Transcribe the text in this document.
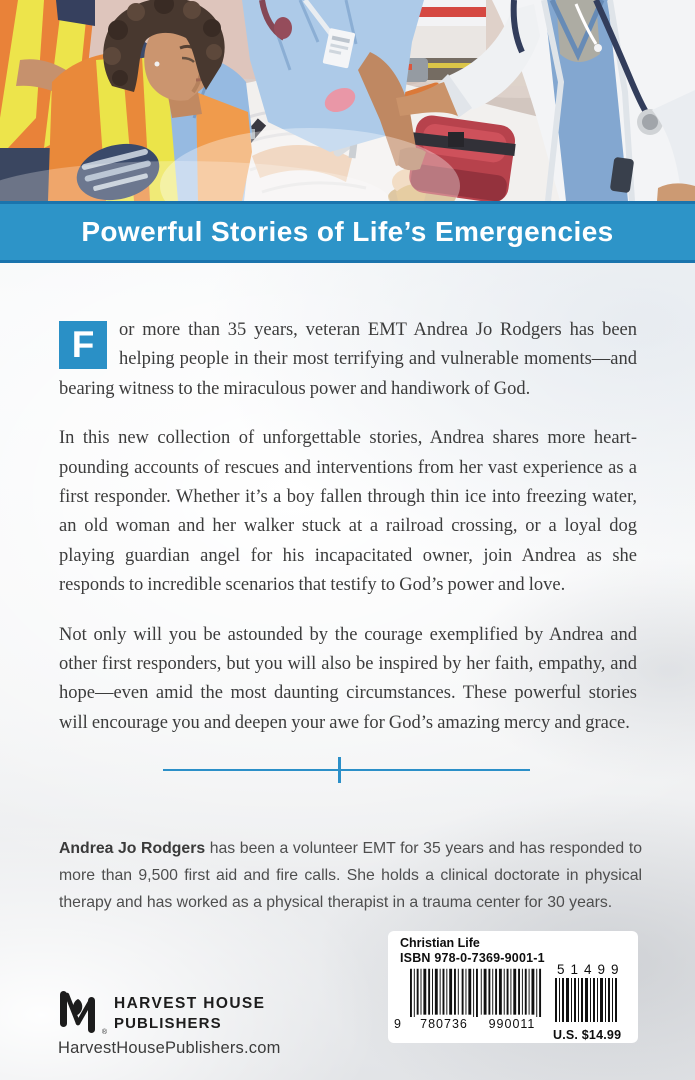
Powerful Stories of Life’s Emergencies

F	or more than 35 years, veteran EMT Andrea Jo Rodgers has been helping people in their most terrifying and vulnerable moments—and bearing witness to the miraculous power and handiwork of God.

In this new collection of unforgettable stories, Andrea shares more heart-pounding accounts of rescues and interventions from her vast experience as a first responder. Whether it’s a boy fallen through thin ice into freezing water, an old woman and her walker stuck at a railroad crossing, or a loyal dog playing guardian angel for his incapacitated owner, join Andrea as she responds to incredible scenarios that testify to God’s power and love.

Not only will you be astounded by the courage exemplified by Andrea and other first responders, but you will also be inspired by her faith, empathy, and hope—even amid the most daunting circumstances. These powerful stories will encourage you and deepen your awe for God’s amazing mercy and grace.

Andrea Jo Rodgers has been a volunteer EMT for 35 years and has responded to more than 9,500 first aid and fire calls. She holds a clinical doctorate in physical therapy and has worked as a physical therapist in a trauma center for 30 years.

®
HARVEST HOUSE
PUBLISHERS
HarvestHousePublishers.com
Christian Life
ISBN 978-0-7369-9001-1
9	780736	990011
51499
U.S. $14.99
